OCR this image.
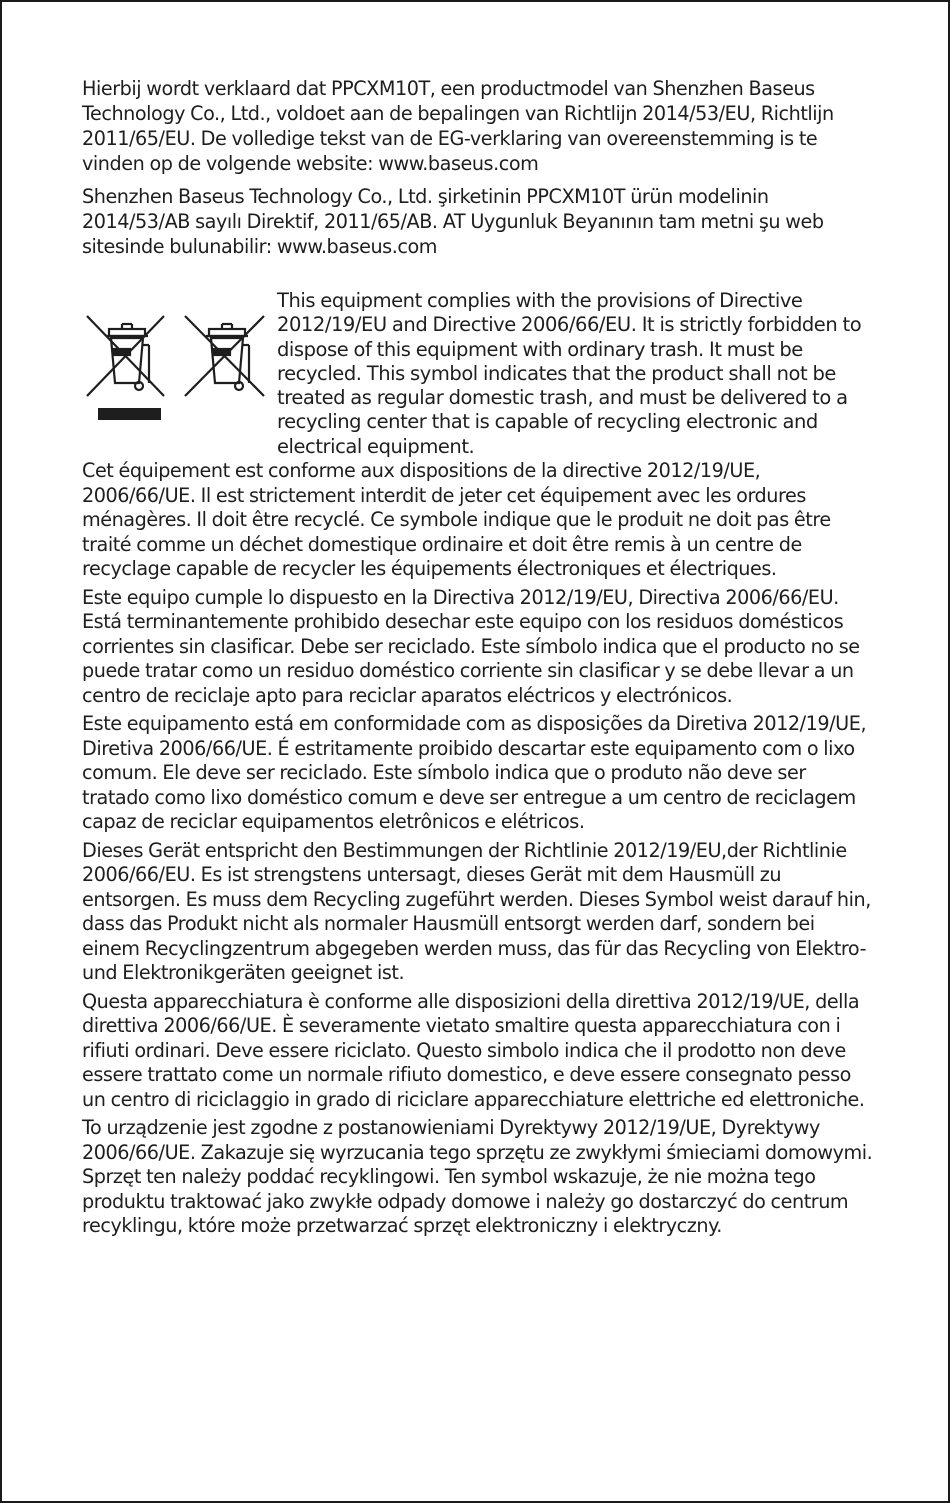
Hierbij wordt verklaard dat PPCXM10T, een productmodel van Shenzhen Baseus Technology Co., Ltd., voldoet aan de bepalingen van Richtlijn 2014/53/EU, Richtlijn 2011/65/EU. De volledige tekst van de EG-verklaring van overeenstemming is te vinden op de volgende website: www.baseus.com

Shenzhen Baseus Technology Co., Ltd. şirketinin PPCXM10T ürün modelinin 2014/53/AB sayılı Direktif, 2011/65/AB. AT Uygunluk Beyanının tam metni şu web sitesinde bulunabilir: www.baseus.com

This equipment complies with the provisions of Directive 2012/19/EU and Directive 2006/66/EU. It is strictly forbidden to dispose of this equipment with ordinary trash. It must be recycled. This symbol indicates that the product shall not be treated as regular domestic trash, and must be delivered to a recycling center that is capable of recycling electronic and electrical equipment.

Cet équipement est conforme aux dispositions de la directive 2012/19/UE, 2006/66/UE. Il est strictement interdit de jeter cet équipement avec les ordures ménagères. Il doit être recyclé. Ce symbole indique que le produit ne doit pas être traité comme un déchet domestique ordinaire et doit être remis à un centre de recyclage capable de recycler les équipements électroniques et électriques.

Este equipo cumple lo dispuesto en la Directiva 2012/19/EU, Directiva 2006/66/EU. Está terminantemente prohibido desechar este equipo con los residuos domésticos corrientes sin clasificar. Debe ser reciclado. Este símbolo indica que el producto no se puede tratar como un residuo doméstico corriente sin clasificar y se debe llevar a un centro de reciclaje apto para reciclar aparatos eléctricos y electrónicos.

Este equipamento está em conformidade com as disposições da Diretiva 2012/19/UE, Diretiva 2006/66/UE. É estritamente proibido descartar este equipamento com o lixo comum. Ele deve ser reciclado. Este símbolo indica que o produto não deve ser tratado como lixo doméstico comum e deve ser entregue a um centro de reciclagem capaz de reciclar equipamentos eletrônicos e elétricos.

Dieses Gerät entspricht den Bestimmungen der Richtlinie 2012/19/EU,der Richtlinie 2006/66/EU. Es ist strengstens untersagt, dieses Gerät mit dem Hausmüll zu entsorgen. Es muss dem Recycling zugeführt werden. Dieses Symbol weist darauf hin, dass das Produkt nicht als normaler Hausmüll entsorgt werden darf, sondern bei einem Recyclingzentrum abgegeben werden muss, das für das Recycling von Elektro- und Elektronikgeräten geeignet ist.

Questa apparecchiatura è conforme alle disposizioni della direttiva 2012/19/UE, della direttiva 2006/66/UE. È severamente vietato smaltire questa apparecchiatura con i rifiuti ordinari. Deve essere riciclato. Questo simbolo indica che il prodotto non deve essere trattato come un normale rifiuto domestico, e deve essere consegnato pesso un centro di riciclaggio in grado di riciclare apparecchiature elettriche ed elettroniche.

To urządzenie jest zgodne z postanowieniami Dyrektywy 2012/19/UE, Dyrektywy 2006/66/UE. Zakazuje się wyrzucania tego sprzętu ze zwykłymi śmieciami domowymi. Sprzęt ten należy poddać recyklingowi. Ten symbol wskazuje, że nie można tego produktu traktować jako zwykłe odpady domowe i należy go dostarczyć do centrum recyklingu, które może przetwarzać sprzęt elektroniczny i elektryczny.
